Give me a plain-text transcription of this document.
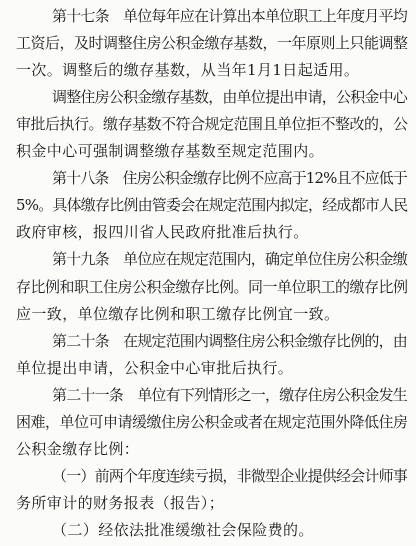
第十七条　单位每年应在计算出本单位职工上年度月平均
工资后，及时调整住房公积金缴存基数，一年原则上只能调整
一次。调整后的缴存基数，从当年1月1日起适用。
调整住房公积金缴存基数，由单位提出申请，公积金中心
审批后执行。缴存基数不符合规定范围且单位拒不整改的，公
积金中心可强制调整缴存基数至规定范围内。
第十八条　住房公积金缴存比例不应高于12%且不应低于
5%。具体缴存比例由管委会在规定范围内拟定，经成都市人民
政府审核，报四川省人民政府批准后执行。
第十九条　单位应在规定范围内，确定单位住房公积金缴
存比例和职工住房公积金缴存比例。同一单位职工的缴存比例
应一致，单位缴存比例和职工缴存比例宜一致。
第二十条　在规定范围内调整住房公积金缴存比例的，由
单位提出申请，公积金中心审批后执行。
第二十一条　单位有下列情形之一，缴存住房公积金发生
困难，单位可申请缓缴住房公积金或者在规定范围外降低住房
公积金缴存比例：
（一）前两个年度连续亏损，非微型企业提供经会计师事
务所审计的财务报表（报告）；
（二）经依法批准缓缴社会保险费的。
